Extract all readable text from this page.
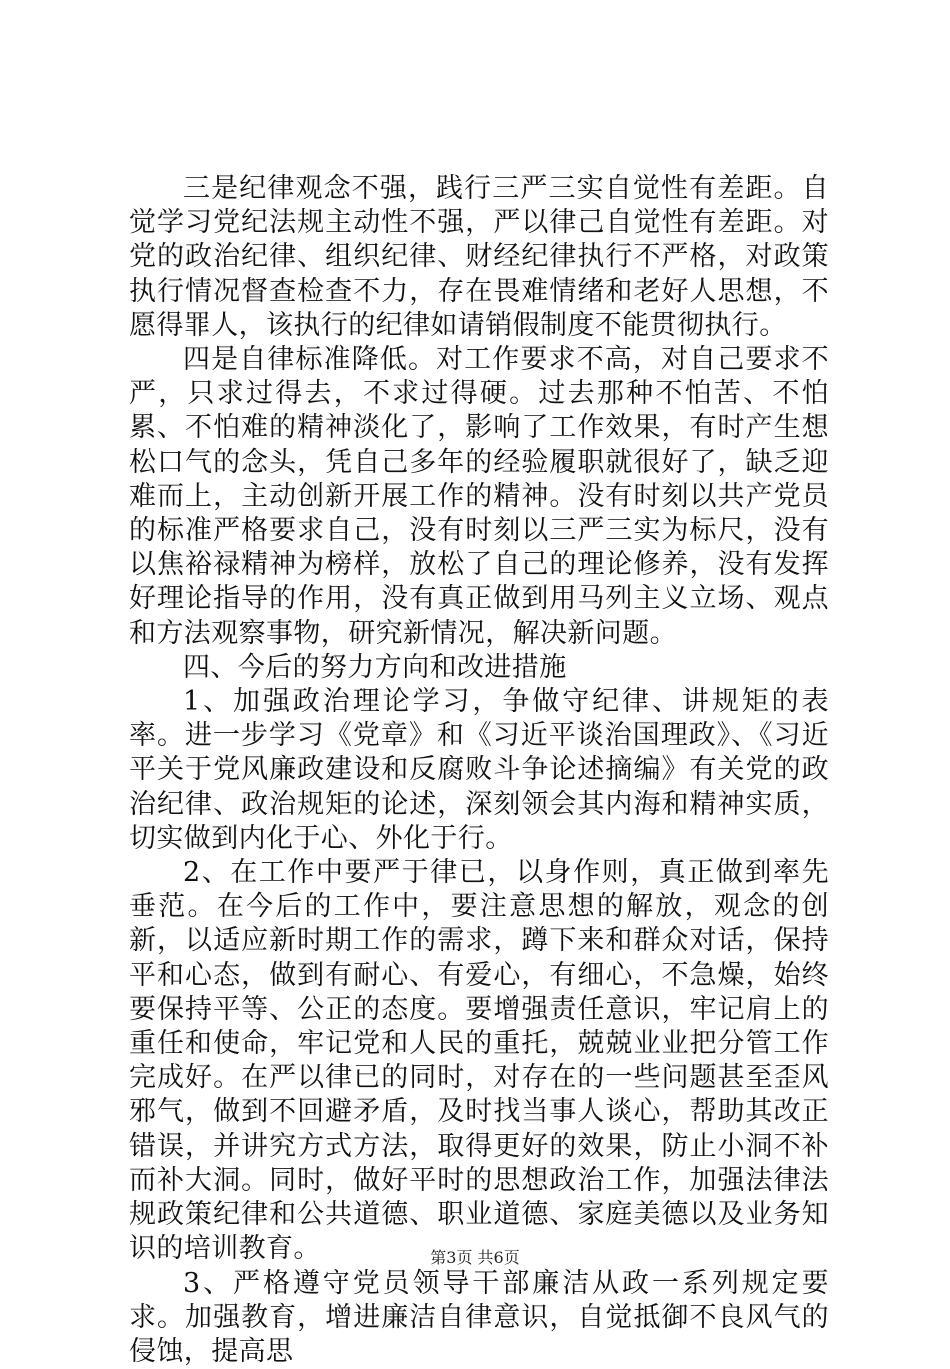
三是纪律观念不强，践行三严三实自觉性有差距。自觉学习党纪法规主动性不强，严以律己自觉性有差距。对党的政治纪律、组织纪律、财经纪律执行不严格，对政策执行情况督查检查不力，存在畏难情绪和老好人思想，不愿得罪人，该执行的纪律如请销假制度不能贯彻执行。

四是自律标准降低。对工作要求不高，对自己要求不严，只求过得去，不求过得硬。过去那种不怕苦、不怕累、不怕难的精神淡化了，影响了工作效果，有时产生想松口气的念头，凭自己多年的经验履职就很好了，缺乏迎难而上，主动创新开展工作的精神。没有时刻以共产党员的标准严格要求自己，没有时刻以三严三实为标尺，没有以焦裕禄精神为榜样，放松了自己的理论修养，没有发挥好理论指导的作用，没有真正做到用马列主义立场、观点和方法观察事物，研究新情况，解决新问题。

四、今后的努力方向和改进措施

1、加强政治理论学习，争做守纪律、讲规矩的表率。进一步学习《党章》和《习近平谈治国理政》、《习近平关于党风廉政建设和反腐败斗争论述摘编》有关党的政治纪律、政治规矩的论述，深刻领会其内海和精神实质，切实做到内化于心、外化于行。

2、在工作中要严于律已，以身作则，真正做到率先垂范。在今后的工作中，要注意思想的解放，观念的创新，以适应新时期工作的需求，蹲下来和群众对话，保持平和心态，做到有耐心、有爱心，有细心，不急燥，始终要保持平等、公正的态度。要增强责任意识，牢记肩上的重任和使命，牢记党和人民的重托，兢兢业业把分管工作完成好。在严以律已的同时，对存在的一些问题甚至歪风邪气，做到不回避矛盾，及时找当事人谈心，帮助其改正错误，并讲究方式方法，取得更好的效果，防止小洞不补而补大洞。同时，做好平时的思想政治工作，加强法律法规政策纪律和公共道德、职业道德、家庭美德以及业务知识的培训教育。

3、严格遵守党员领导干部廉洁从政一系列规定要求。加强教育，增进廉洁自律意识，自觉抵御不良风气的侵蚀，提高思

第3页 共6页
